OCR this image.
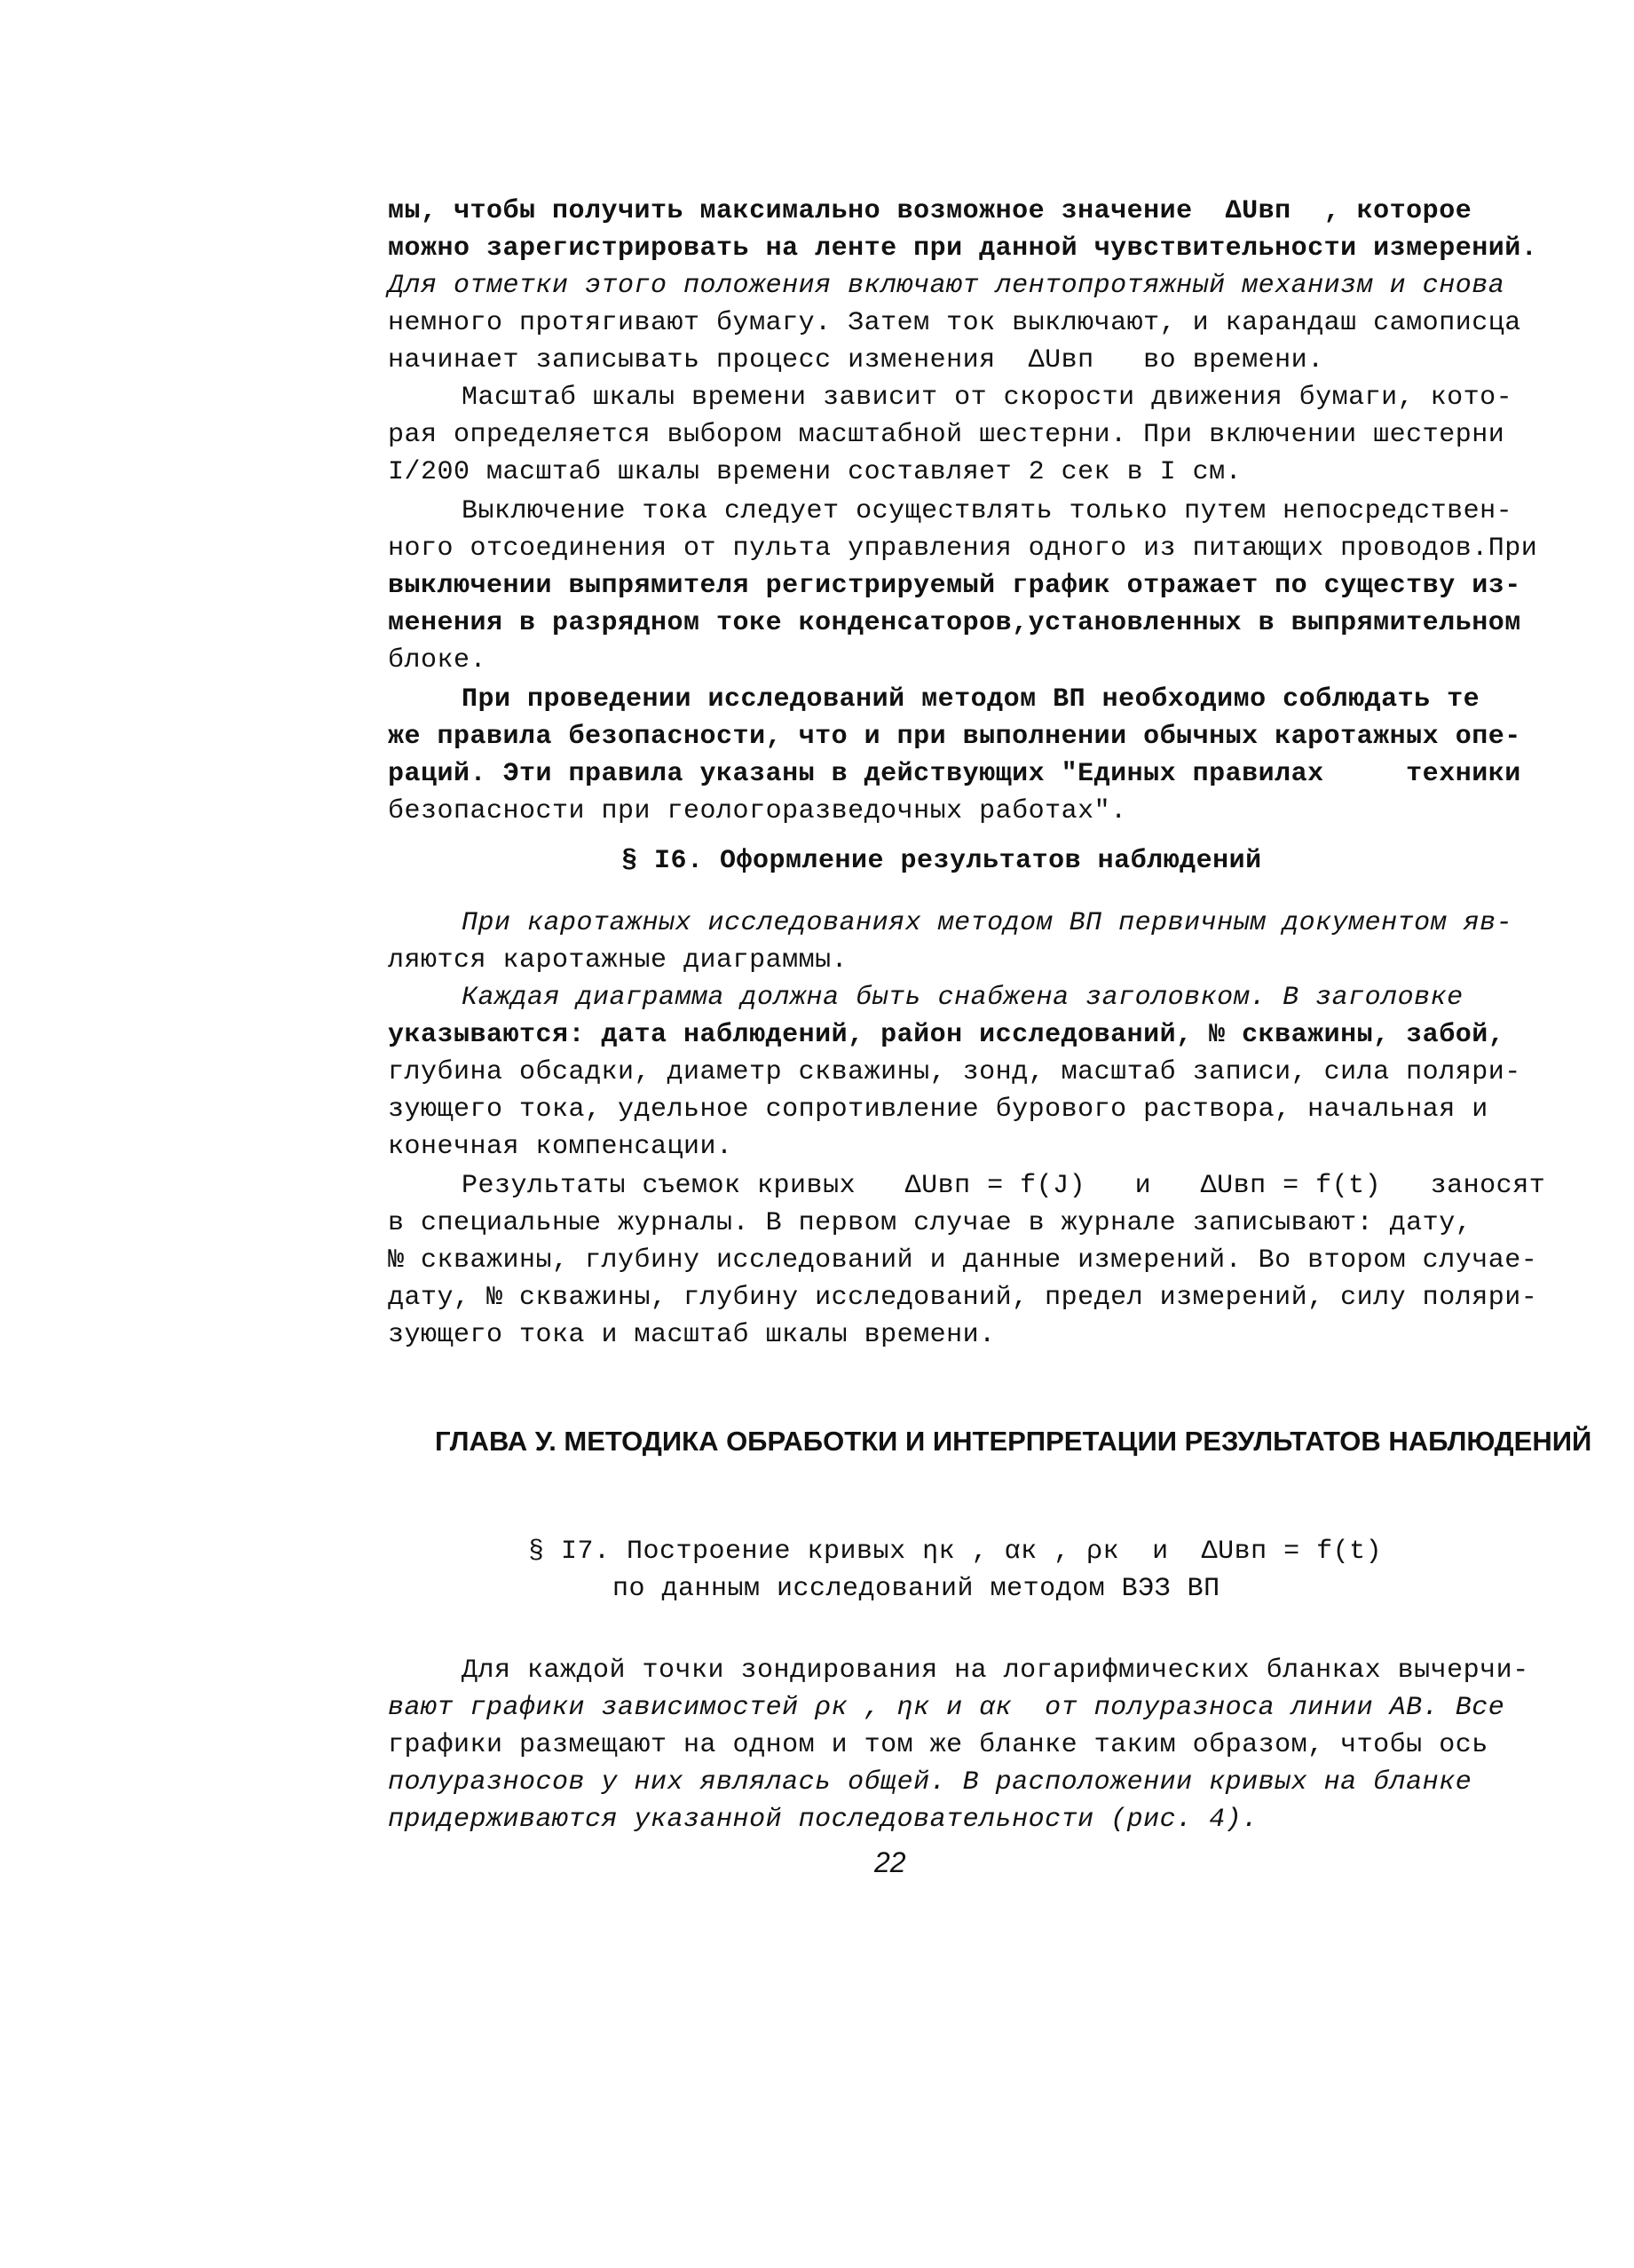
мы, чтобы получить максимально возможное значение  ΔUвп  , которое
можно зарегистрировать на ленте при данной чувствительности измерений.
Для отметки этого положения включают лентопротяжный механизм и снова
немного протягивают бумагу. Затем ток выключают, и карандаш самописца
начинает записывать процесс изменения  ΔUвп   во времени.
Масштаб шкалы времени зависит от скорости движения бумаги, кото-
рая определяется выбором масштабной шестерни. При включении шестерни
I/200 масштаб шкалы времени составляет 2 сек в I см.
Выключение тока следует осуществлять только путем непосредствен-
ного отсоединения от пульта управления одного из питающих проводов.При
выключении выпрямителя регистрируемый график отражает по существу из-
менения в разрядном токе конденсаторов,установленных в выпрямительном
блоке.
При проведении исследований методом ВП необходимо соблюдать те
же правила безопасности, что и при выполнении обычных каротажных опе-
раций. Эти правила указаны в действующих "Единых правилах     техники
безопасности при геологоразведочных работах".
§ I6. Оформление результатов наблюдений
При каротажных исследованиях методом ВП первичным документом яв-
ляются каротажные диаграммы.
Каждая диаграмма должна быть снабжена заголовком. В заголовке
указываются: дата наблюдений, район исследований, № скважины, забой,
глубина обсадки, диаметр скважины, зонд, масштаб записи, сила поляри-
зующего тока, удельное сопротивление бурового раствора, начальная и
конечная компенсации.
Результаты съемок кривых   ΔUвп = f(J)   и   ΔUвп = f(t)   заносят
в специальные журналы. В первом случае в журнале записывают: дату,
№ скважины, глубину исследований и данные измерений. Во втором случае-
дату, № скважины, глубину исследований, предел измерений, силу поляри-
зующего тока и масштаб шкалы времени.
ГЛАВА У. МЕТОДИКА ОБРАБОТКИ И ИНТЕРПРЕТАЦИИ РЕЗУЛЬТАТОВ НАБЛЮДЕНИЙ
§ I7. Построение кривых ηк , αк , ρк  и  ΔUвп = f(t)
по данным исследований методом ВЭЗ ВП
Для каждой точки зондирования на логарифмических бланках вычерчи-
вают графики зависимостей ρк , ηк и αк  от полуразноса линии АВ. Все
графики размещают на одном и том же бланке таким образом, чтобы ось
полуразносов у них являлась общей. В расположении кривых на бланке
придерживаются указанной последовательности (рис. 4).
22
